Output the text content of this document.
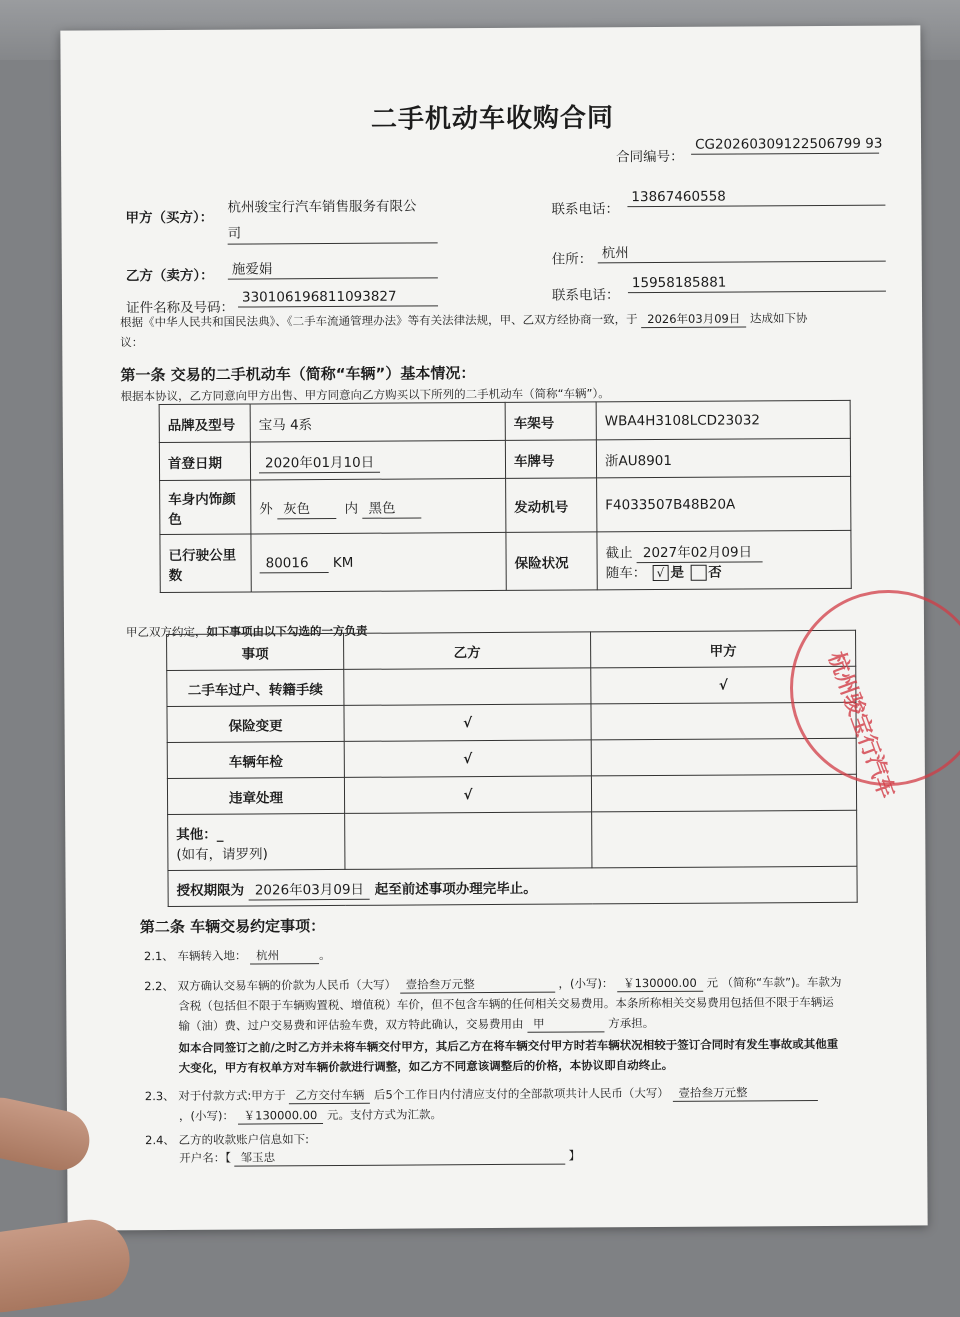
二手机动车收购合同
合同编号：
CG20260309122506799 93
甲方（买方）：
杭州骏宝行汽车销售服务有限公
司
联系电话：
13867460558
住所： 杭州
乙方（卖方）： 施爱娟
联系电话：
15958185881
证件名称及号码：
330106196811093827
根据《中华人民共和国民法典》、《二手车流通管理办法》等有关法律法规，甲、乙双方经协商一致，于 2026年03月09日 达成如下协
议：
第一条 交易的二手机动车（简称“车辆”）基本情况：
根据本协议，乙方同意向甲方出售、甲方同意向乙方购买以下所列的二手机动车（简称“车辆”）。
品牌及型号	宝马 4系	车架号	WBA4H3108LCD23032
首登日期	2020年01月10日	车牌号	浙AU8901
车身内饰颜
色	外 灰色 内 黑色	发动机号	F4033507B48B20A
已行驶公里
数	80016 KM	保险状况	截止 2027年02月09日
随车： √ 是 否
甲乙双方约定，如下事项由以下勾选的一方负责
事项	乙方	甲方
二手车过户、转籍手续		√
保险变更	√	
车辆年检	√	
违章处理	√	
其他：_
(如有，请罗列)		
授权期限为 2026年03月09日 起至前述事项办理完毕止。		
第二条 车辆交易约定事项：
2.1、 车辆转入地： 杭州	。
2.2、 双方确认交易车辆的价款为人民币（大写） 壹拾叁万元整	，(小写)： ￥130000.00 元 （简称“车款”)。车款为
含税（包括但不限于车辆购置税、增值税）车价，但不包含车辆的任何相关交易费用。本条所称相关交易费用包括但不限于车辆运
输（油）费、过户交易费和评估验车费，双方特此确认，交易费用由 甲	方承担。
如本合同签订之前/之时乙方并未将车辆交付甲方，其后乙方在将车辆交付甲方时若车辆状况相较于签订合同时有发生事故或其他重
大变化，甲方有权单方对车辆价款进行调整，如乙方不同意该调整后的价格，本协议即自动终止。
2.3、 对于付款方式:甲方于 乙方交付车辆 后5个工作日内付清应支付的全部款项共计人民币（大写） 壹拾叁万元整
，(小写)： ￥130000.00 元。支付方式为汇款。
2.4、 乙方的收款账户信息如下:
开户名：【 邹玉忠	】
杭州骏宝行汽车
